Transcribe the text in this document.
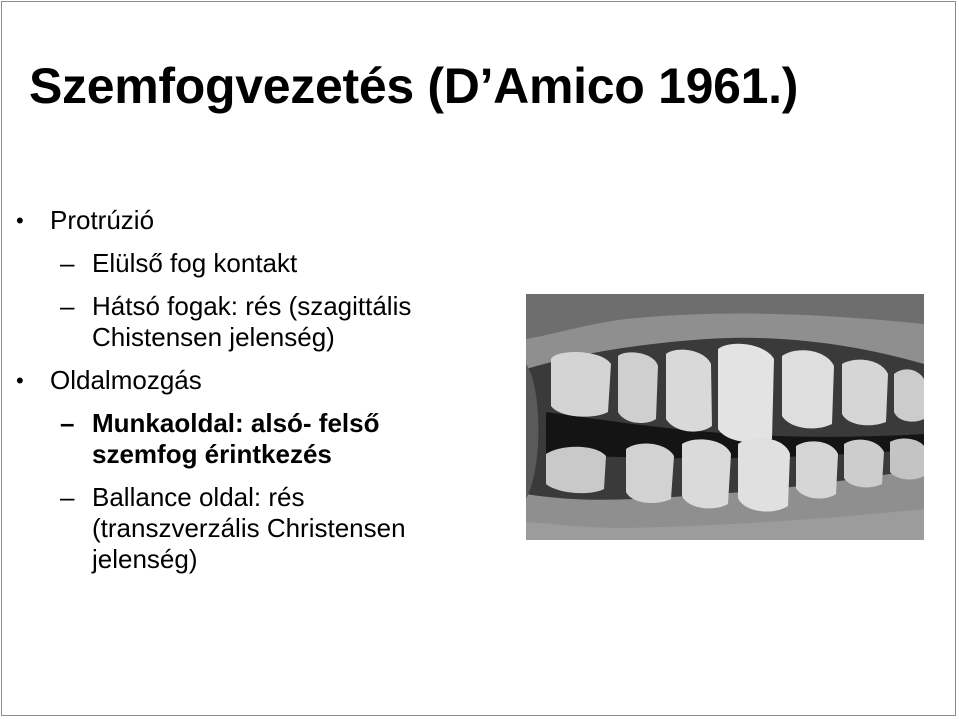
Szemfogvezetés (D’Amico 1961.)
• Protrúzió
– Elülső fog kontakt
– Hátsó fogak: rés (szagittális
Chistensen jelenség)
• Oldalmozgás
– Munkaoldal: alsó- felső
szemfog érintkezés
– Ballance oldal: rés
(transzverzális Christensen
jelenség)
